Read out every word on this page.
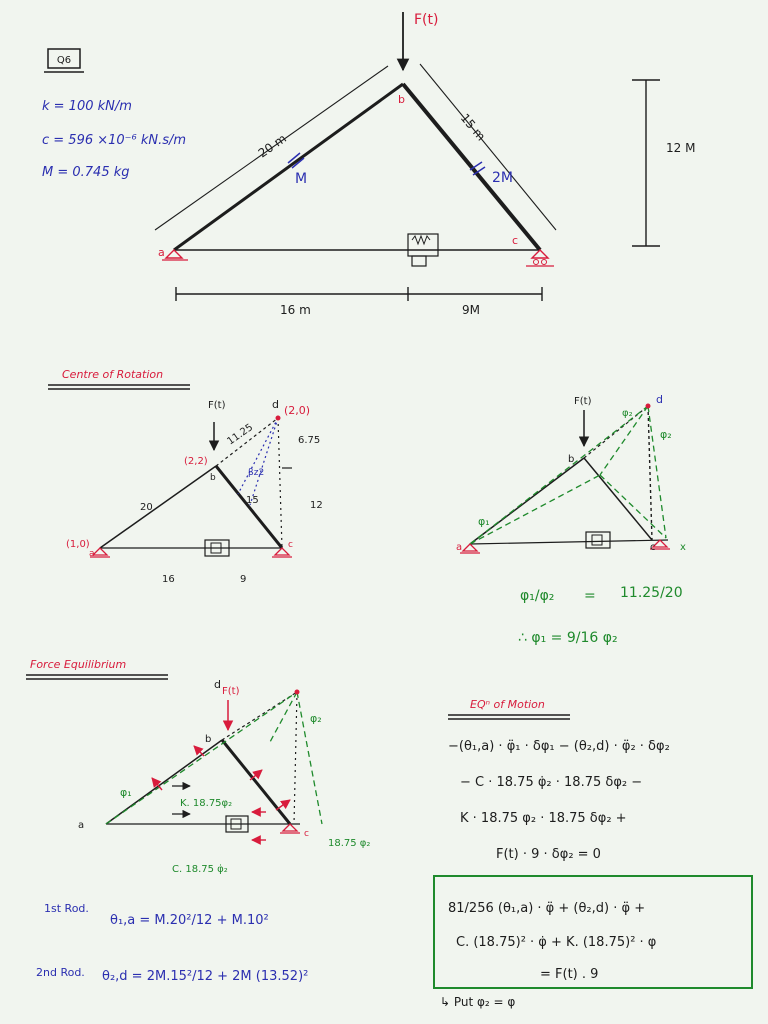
Q6
k = 100 kN/m
c = 596 ×10⁻⁶ kN.s/m
M = 0.745 kg
F(t)
a
b
c
20 m
M
15 m
2M
12 M
16 m	9M
Centre of Rotation
F(t)	d (2,0)
(2,2)
(1,0)
11.25	6.75
βz2
12
20
15
16	9
a
b
c
F(t)	d
b
a	c
φ₁
φ₂
φ₂
x
φ₁/φ₂ = 11.25/20
∴ φ₁ = 9/16 φ₂
Force Equilibrium
F(t)
d
b
a
c
φ₁
φ₂
K. 18.75φ₂
C. 18.75 φ̇₂
18.75 φ₂
1st Rod.
θ₁,a = M.20²/12 + M.10²
2nd Rod. θ₂,d = 2M.15²/12 + 2M (13.52)²
EQⁿ of Motion
−(θ₁,a) · φ̈₁ · δφ₁ − (θ₂,d) · φ̈₂ · δφ₂
− C · 18.75 φ̇₂ · 18.75 δφ₂ −
K · 18.75 φ₂ · 18.75 δφ₂ +
F(t) · 9 · δφ₂ = 0
81/256 (θ₁,a) · φ̈ + (θ₂,d) · φ̈ +
C. (18.75)² · φ̇ + K. (18.75)² · φ
= F(t) . 9
↳ Put φ₂ = φ
